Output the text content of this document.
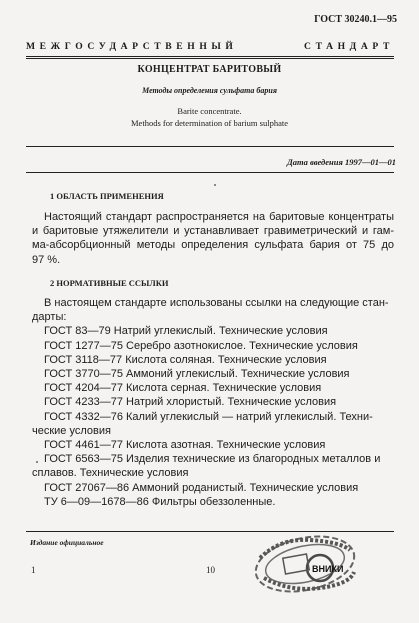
ГОСТ 30240.1—95
МЕЖГОСУДАРСТВЕННЫЙ	СТАНДАРТ
КОНЦЕНТРАТ БАРИТОВЫЙ
Методы определения сульфата бария
Barite concentrate.
Methods for determination of barium sulphate
Дата введения 1997—01—01
1 ОБЛАСТЬ ПРИМЕНЕНИЯ
Настоящий стандарт распространяется на баритовые концентраты
и баритовые утяжелители и устанавливает гравиметрический и гам-
ма-абсорбционный методы определения сульфата бария от 75 до
97 %.
2 НОРМАТИВНЫЕ ССЫЛКИ
В настоящем стандарте использованы ссылки на следующие стан-
дарты:
ГОСТ 83—79 Натрий углекислый. Технические условия
ГОСТ 1277—75 Серебро азотнокислое. Технические условия
ГОСТ 3118—77 Кислота соляная. Технические условия
ГОСТ 3770—75 Аммоний углекислый. Технические условия
ГОСТ 4204—77 Кислота серная. Технические условия
ГОСТ 4233—77 Натрий хлористый. Технические условия
ГОСТ 4332—76 Калий углекислый — натрий углекислый. Техни-
ческие условия
ГОСТ 4461—77 Кислота азотная. Технические условия
ГОСТ 6563—75 Изделия технические из благородных металлов и
сплавов. Технические условия
ГОСТ 27067—86 Аммоний роданистый. Технические условия
ТУ 6—09—1678—86 Фильтры обеззоленные.
Издание официальное
1	10	ВНИКИ
